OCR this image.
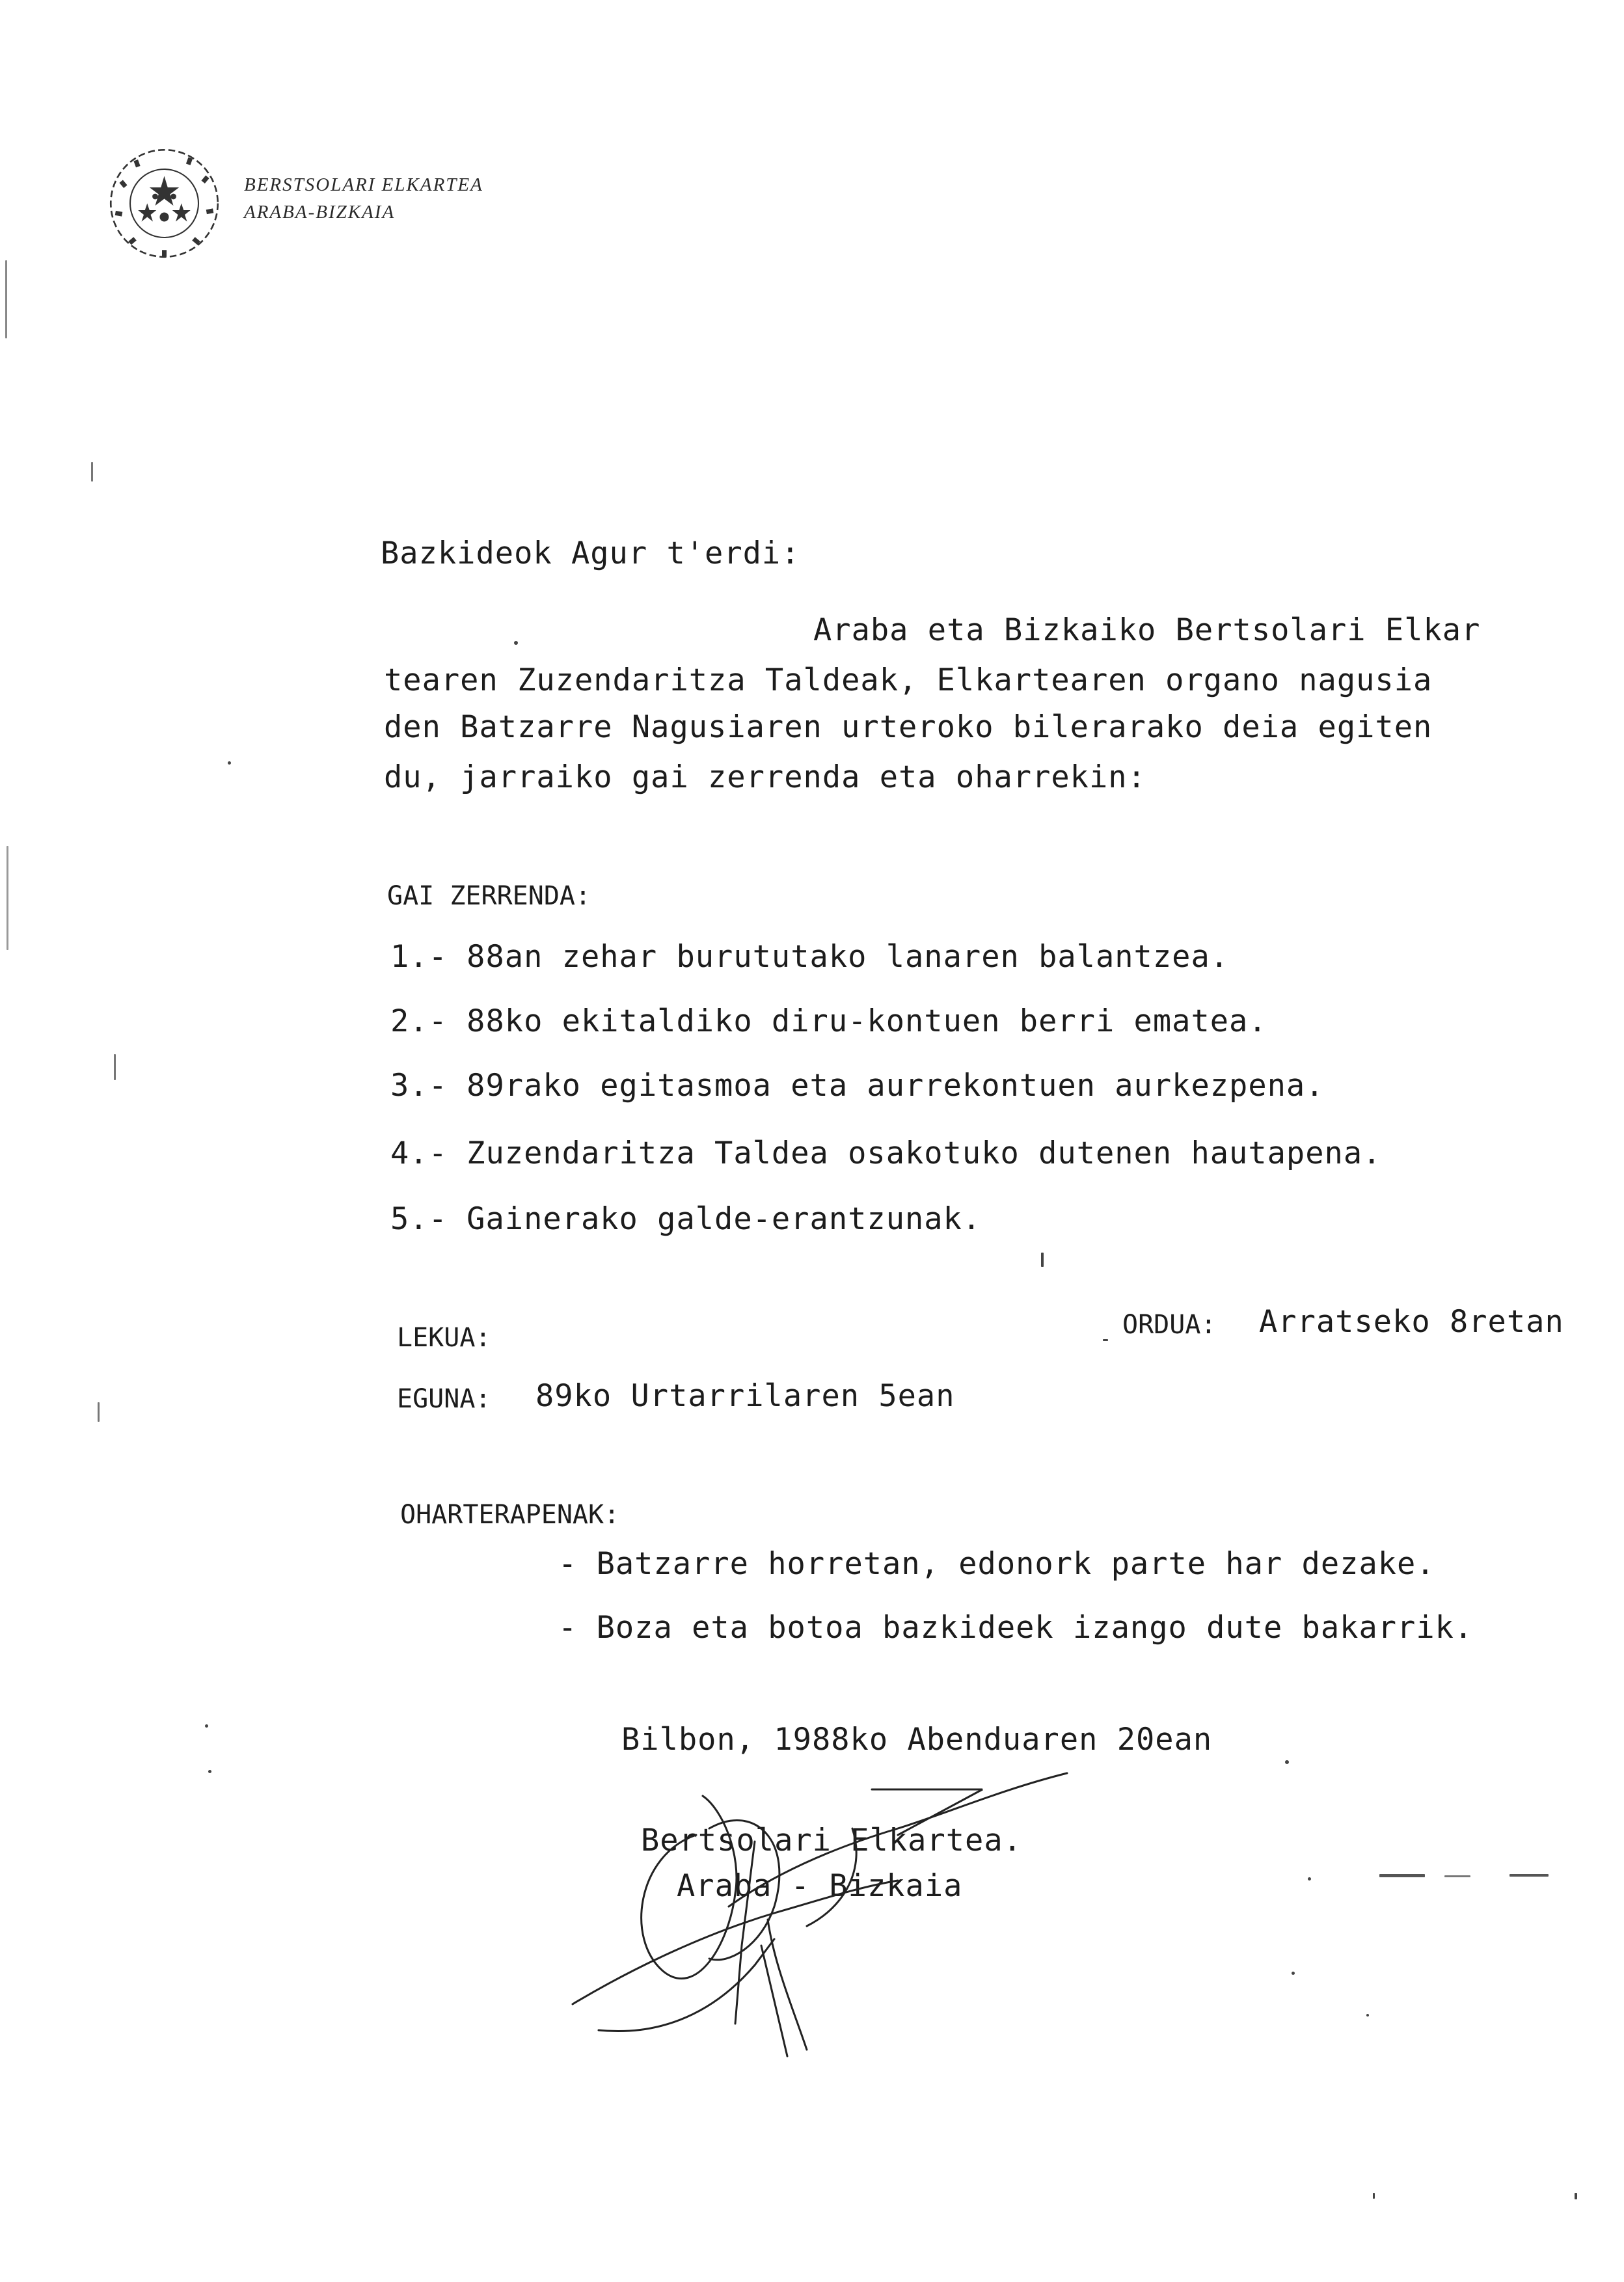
BERSTSOLARI ELKARTEA
ARABA-BIZKAIA
Bazkideok Agur t'erdi:
Araba eta Bizkaiko Bertsolari Elkar
tearen Zuzendaritza Taldeak, Elkartearen organo nagusia
den Batzarre Nagusiaren urteroko bilerarako deia egiten
du, jarraiko gai zerrenda eta oharrekin:
GAI ZERRENDA:
1.- 88an zehar burututako lanaren balantzea.
2.- 88ko ekitaldiko diru-kontuen berri ematea.
3.- 89rako egitasmoa eta aurrekontuen aurkezpena.
4.- Zuzendaritza Taldea osakotuko dutenen hautapena.
5.- Gainerako galde-erantzunak.
LEKUA:	ORDUA: Arratseko 8retan
EGUNA: 89ko Urtarrilaren 5ean
OHARTERAPENAK:
- Batzarre horretan, edonork parte har dezake.
- Boza eta botoa bazkideek izango dute bakarrik.
Bilbon, 1988ko Abenduaren 20ean
Bertsolari Elkartea.
Araba - Bizkaia
